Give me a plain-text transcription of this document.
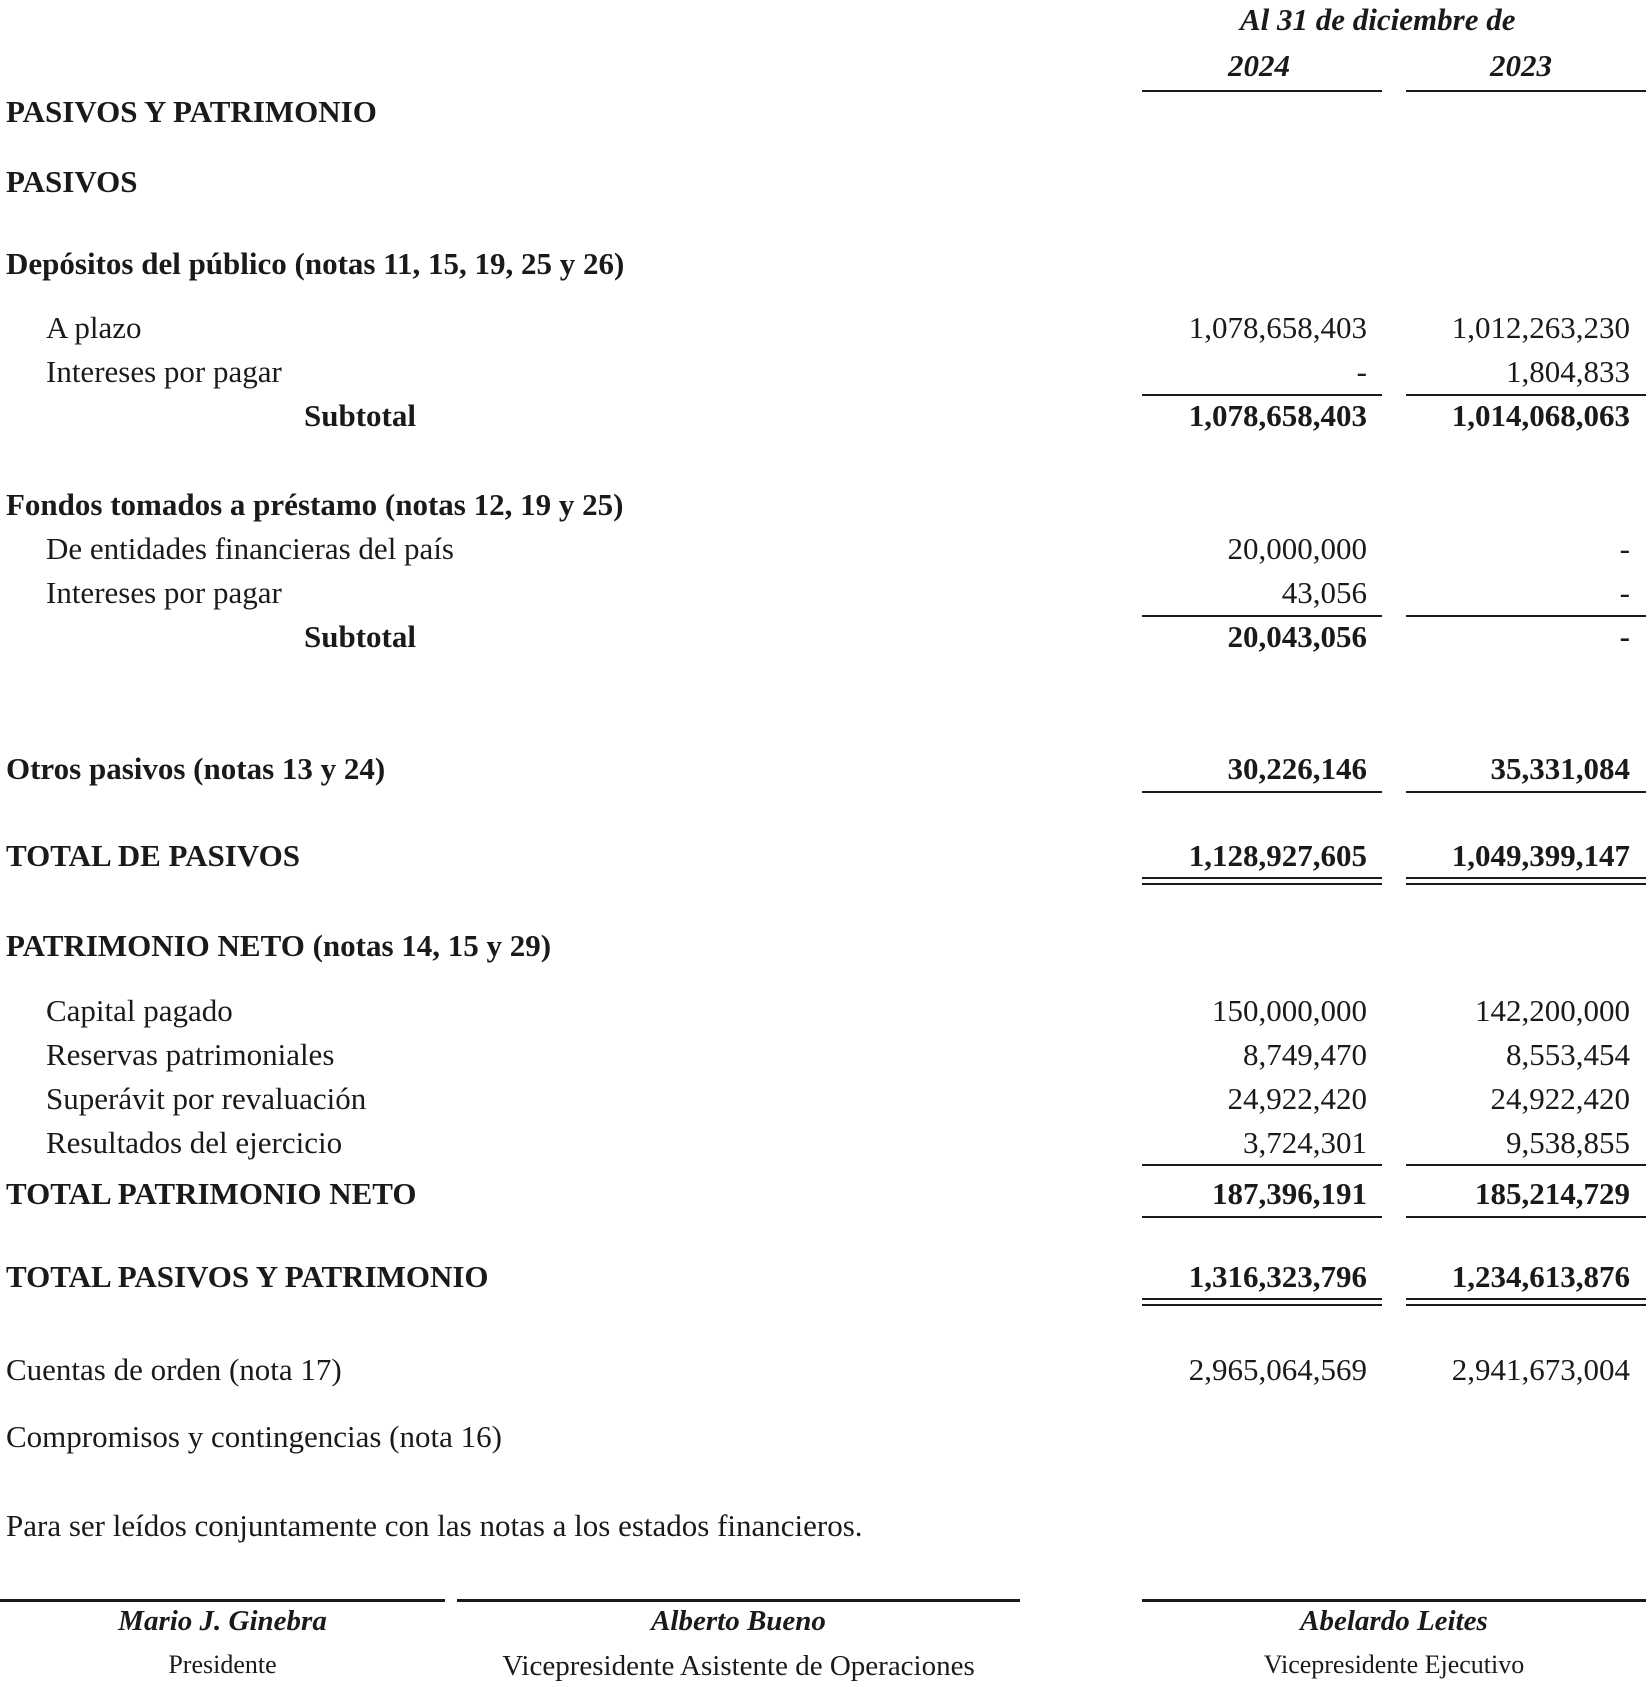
Al 31 de diciembre de
2024	2023
PASIVOS Y PATRIMONIO
PASIVOS
Depósitos del público (notas 11, 15, 19, 25 y 26)
A plazo	1,078,658,403	1,012,263,230
Intereses por pagar	-	1,804,833
Subtotal	1,078,658,403	1,014,068,063
Fondos tomados a préstamo (notas 12, 19 y 25)
De entidades financieras del país	20,000,000	-
Intereses por pagar	43,056	-
Subtotal	20,043,056	-
Otros pasivos (notas 13 y 24)	30,226,146	35,331,084
TOTAL DE PASIVOS	1,128,927,605	1,049,399,147
PATRIMONIO NETO (notas 14, 15 y 29)
Capital pagado	150,000,000	142,200,000
Reservas patrimoniales	8,749,470	8,553,454
Superávit por revaluación	24,922,420	24,922,420
Resultados del ejercicio	3,724,301	9,538,855
TOTAL PATRIMONIO NETO	187,396,191	185,214,729
TOTAL PASIVOS Y PATRIMONIO	1,316,323,796	1,234,613,876
Cuentas de orden (nota 17)	2,965,064,569	2,941,673,004
Compromisos y contingencias (nota 16)
Para ser leídos conjuntamente con las notas a los estados financieros.
Mario J. Ginebra
Presidente
Alberto Bueno
Vicepresidente Asistente de Operaciones
Abelardo Leites
Vicepresidente Ejecutivo
